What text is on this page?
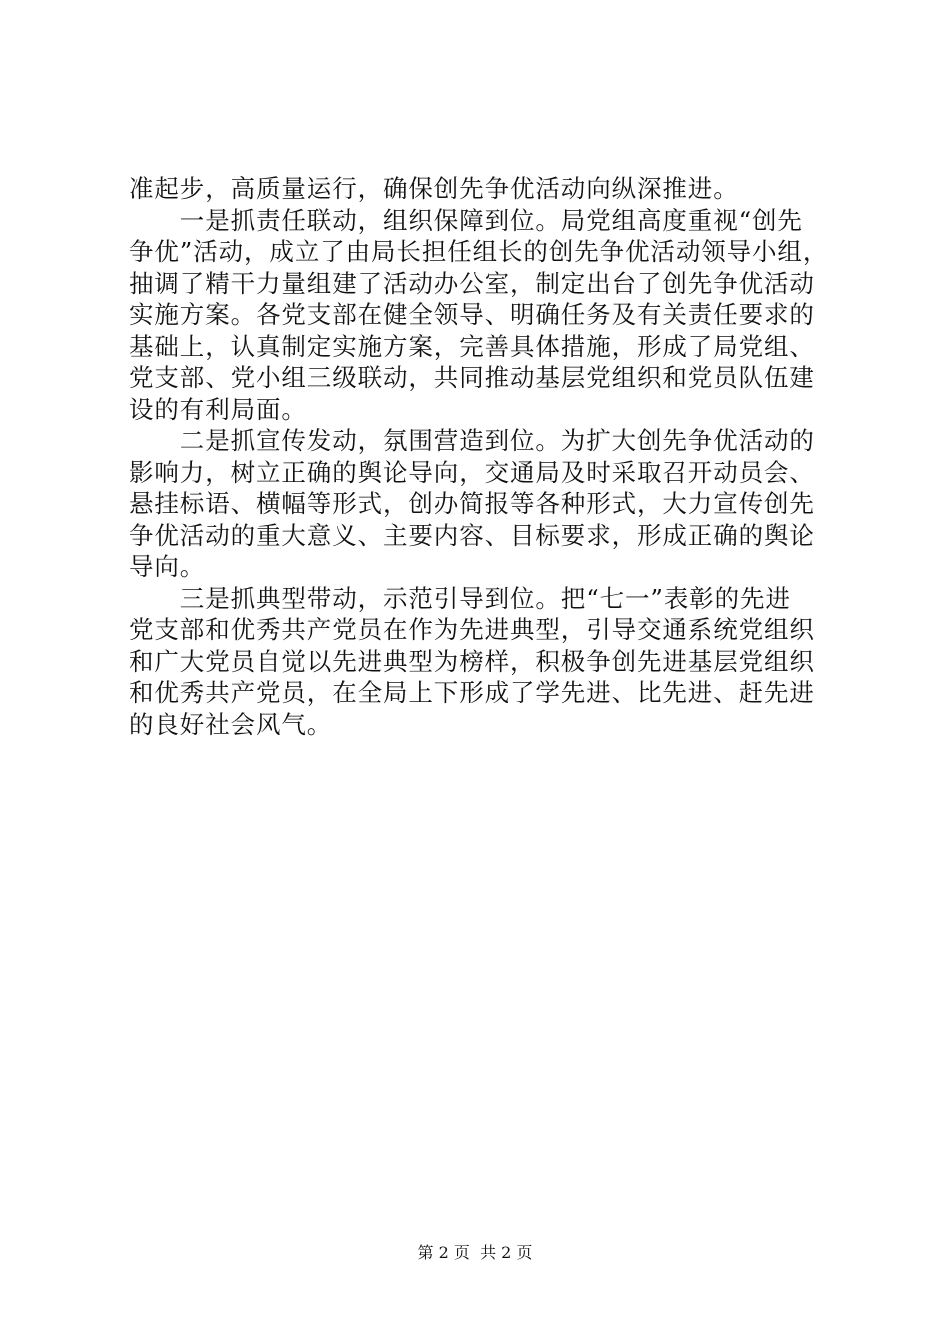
准起步，高质量运行，确保创先争优活动向纵深推进。
　　一是抓责任联动，组织保障到位。局党组高度重视“创先
争优”活动，成立了由局长担任组长的创先争优活动领导小组，
抽调了精干力量组建了活动办公室，制定出台了创先争优活动
实施方案。各党支部在健全领导、明确任务及有关责任要求的
基础上，认真制定实施方案，完善具体措施，形成了局党组、
党支部、党小组三级联动，共同推动基层党组织和党员队伍建
设的有利局面。
　　二是抓宣传发动，氛围营造到位。为扩大创先争优活动的
影响力，树立正确的舆论导向，交通局及时采取召开动员会、
悬挂标语、横幅等形式，创办简报等各种形式，大力宣传创先
争优活动的重大意义、主要内容、目标要求，形成正确的舆论
导向。
　　三是抓典型带动，示范引导到位。把“七一”表彰的先进
党支部和优秀共产党员在作为先进典型，引导交通系统党组织
和广大党员自觉以先进典型为榜样，积极争创先进基层党组织
和优秀共产党员，在全局上下形成了学先进、比先进、赶先进
的良好社会风气。
第 2 页  共 2 页
